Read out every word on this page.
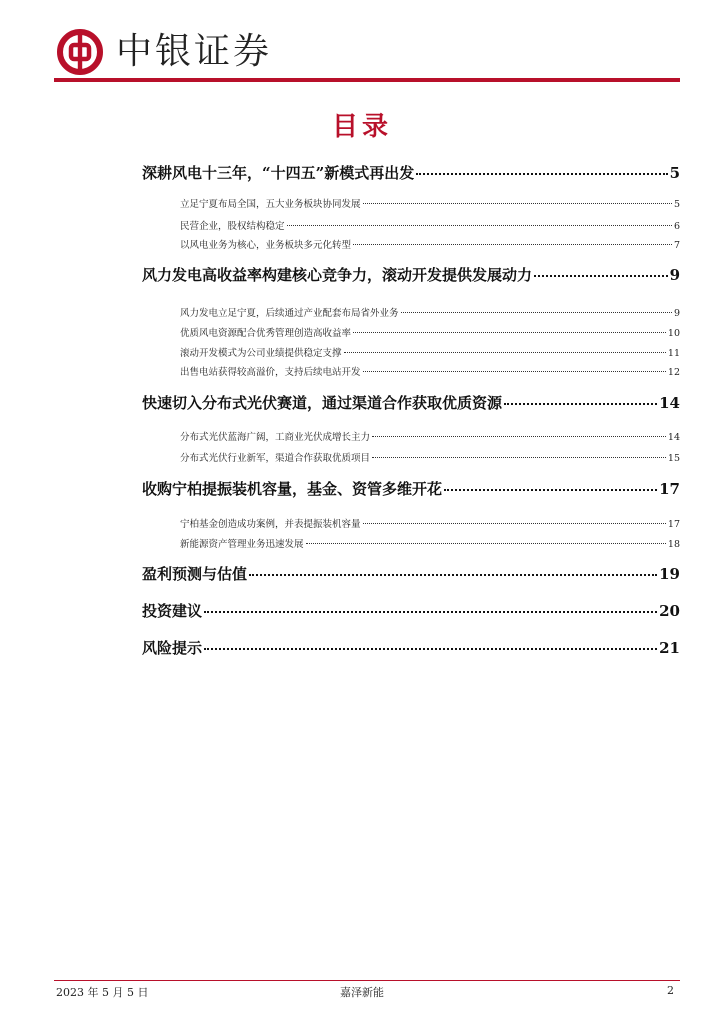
中银证券
目录
深耕风电十三年，“十四五”新模式再出发	5
立足宁夏布局全国，五大业务板块协同发展	5
民营企业，股权结构稳定	6
以风电业务为核心，业务板块多元化转型	7
风力发电高收益率构建核心竞争力，滚动开发提供发展动力	9
风力发电立足宁夏，后续通过产业配套布局省外业务	9
优质风电资源配合优秀管理创造高收益率	10
滚动开发模式为公司业绩提供稳定支撑	11
出售电站获得较高溢价，支持后续电站开发	12
快速切入分布式光伏赛道，通过渠道合作获取优质资源	14
分布式光伏蓝海广阔，工商业光伏成增长主力	14
分布式光伏行业新军，渠道合作获取优质项目	15
收购宁柏提振装机容量，基金、资管多维开花	17
宁柏基金创造成功案例，并表提振装机容量	17
新能源资产管理业务迅速发展	18
盈利预测与估值	19
投资建议	20
风险提示	21
2023 年 5 月 5 日	嘉泽新能	2
